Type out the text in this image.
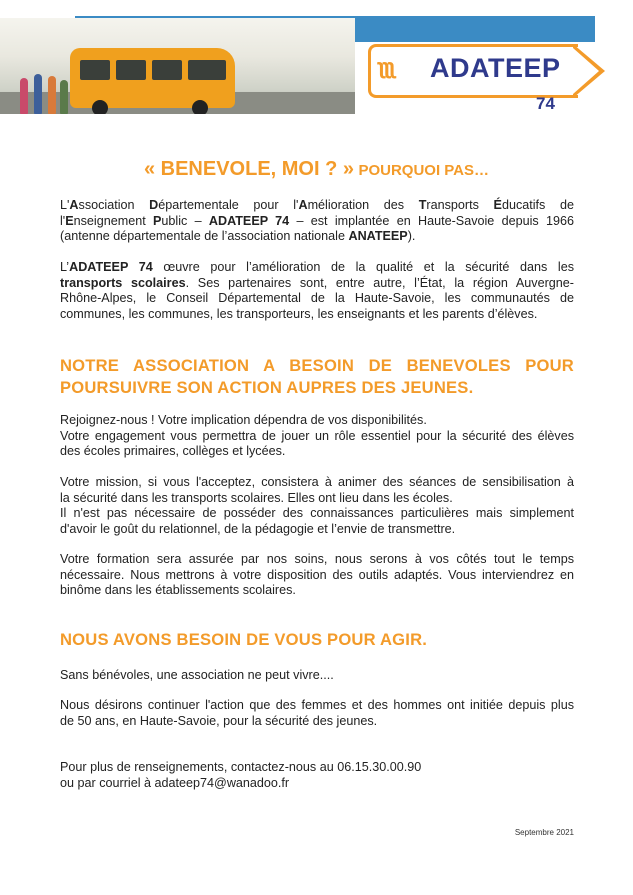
ʅʅʅ ADATEEP
74
« BENEVOLE, MOI ? » POURQUOI PAS…
L'Association Départementale pour l'Amélioration des Transports Éducatifs de
l'Enseignement Public – ADATEEP 74 – est implantée en Haute-Savoie depuis 1966
(antenne départementale de l’association nationale ANATEEP).
L’ADATEEP 74 œuvre pour l’amélioration de la qualité et la sécurité dans les
transports scolaires. Ses partenaires sont, entre autre, l’État, la région Auvergne-
Rhône-Alpes, le Conseil Départemental de la Haute-Savoie, les communautés de
communes, les communes, les transporteurs, les enseignants et les parents d’élèves.
NOTRE ASSOCIATION A BESOIN DE BENEVOLES POUR
POURSUIVRE SON ACTION AUPRES DES JEUNES.
Rejoignez-nous ! Votre implication dépendra de vos disponibilités.
Votre engagement vous permettra de jouer un rôle essentiel pour la sécurité des élèves
des écoles primaires, collèges et lycées.
Votre mission, si vous l'acceptez, consistera à animer des séances de sensibilisation à
la sécurité dans les transports scolaires. Elles ont lieu dans les écoles.
Il n'est pas nécessaire de posséder des connaissances particulières mais simplement
d'avoir le goût du relationnel, de la pédagogie et l’envie de transmettre.
Votre formation sera assurée par nos soins, nous serons à vos côtés tout le temps
nécessaire. Nous mettrons à votre disposition des outils adaptés. Vous interviendrez en
binôme dans les établissements scolaires.
NOUS AVONS BESOIN DE VOUS POUR AGIR.
Sans bénévoles, une association ne peut vivre....
Nous désirons continuer l'action que des femmes et des hommes ont initiée depuis plus
de 50 ans, en Haute-Savoie, pour la sécurité des jeunes.
Pour plus de renseignements, contactez-nous au 06.15.30.00.90
ou par courriel à adateep74@wanadoo.fr
Septembre 2021
